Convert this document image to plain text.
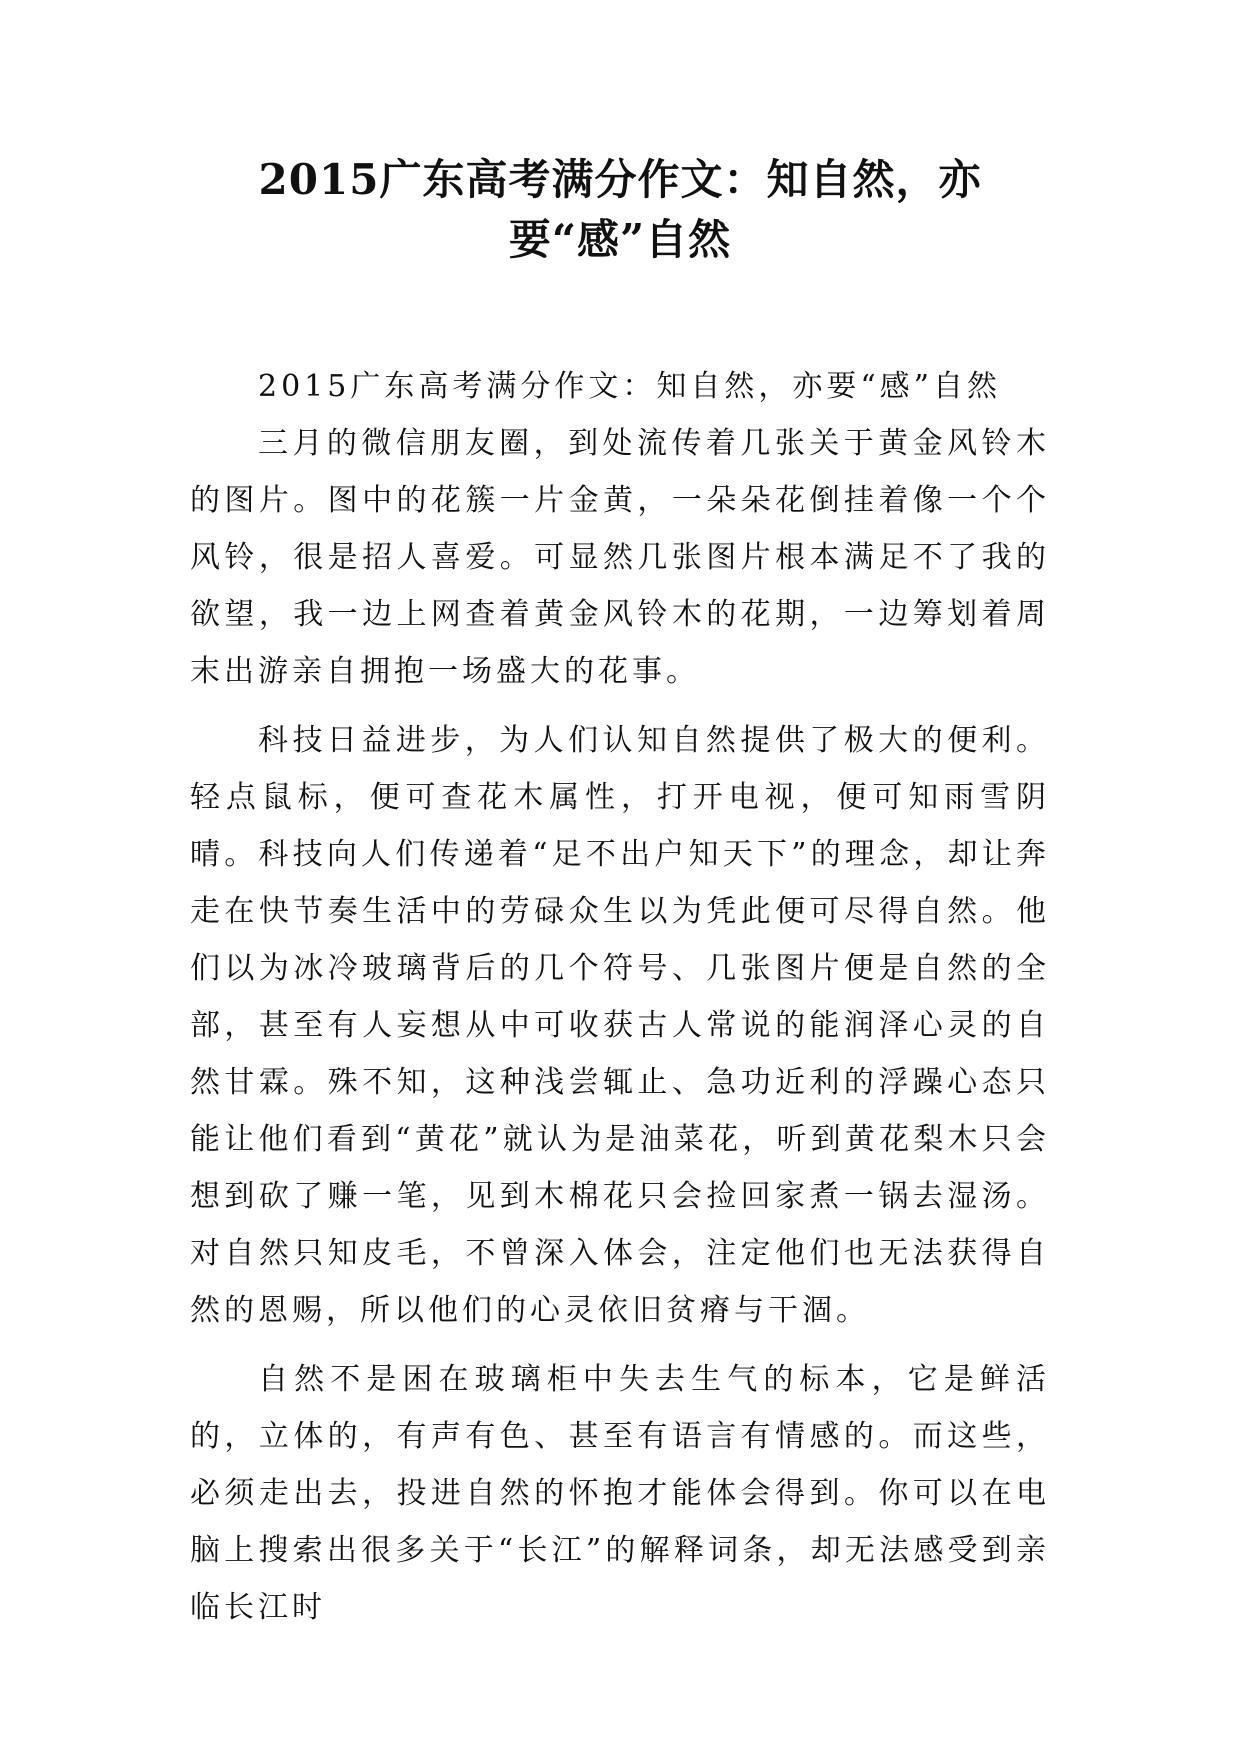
2015广东高考满分作文：知自然，亦要“感”自然

2015广东高考满分作文：知自然，亦要“感”自然

三月的微信朋友圈，到处流传着几张关于黄金风铃木的图片。图中的花簇一片金黄，一朵朵花倒挂着像一个个风铃，很是招人喜爱。可显然几张图片根本满足不了我的欲望，我一边上网查着黄金风铃木的花期，一边筹划着周末出游亲自拥抱一场盛大的花事。

科技日益进步，为人们认知自然提供了极大的便利。轻点鼠标，便可查花木属性，打开电视，便可知雨雪阴晴。科技向人们传递着“足不出户知天下”的理念，却让奔走在快节奏生活中的劳碌众生以为凭此便可尽得自然。他们以为冰冷玻璃背后的几个符号、几张图片便是自然的全部，甚至有人妄想从中可收获古人常说的能润泽心灵的自然甘霖。殊不知，这种浅尝辄止、急功近利的浮躁心态只能让他们看到“黄花”就认为是油菜花，听到黄花梨木只会想到砍了赚一笔，见到木棉花只会捡回家煮一锅去湿汤。对自然只知皮毛，不曾深入体会，注定他们也无法获得自然的恩赐，所以他们的心灵依旧贫瘠与干涸。

自然不是困在玻璃柜中失去生气的标本，它是鲜活的，立体的，有声有色、甚至有语言有情感的。而这些，必须走出去，投进自然的怀抱才能体会得到。你可以在电脑上搜索出很多关于“长江”的解释词条，却无法感受到亲临长江时
